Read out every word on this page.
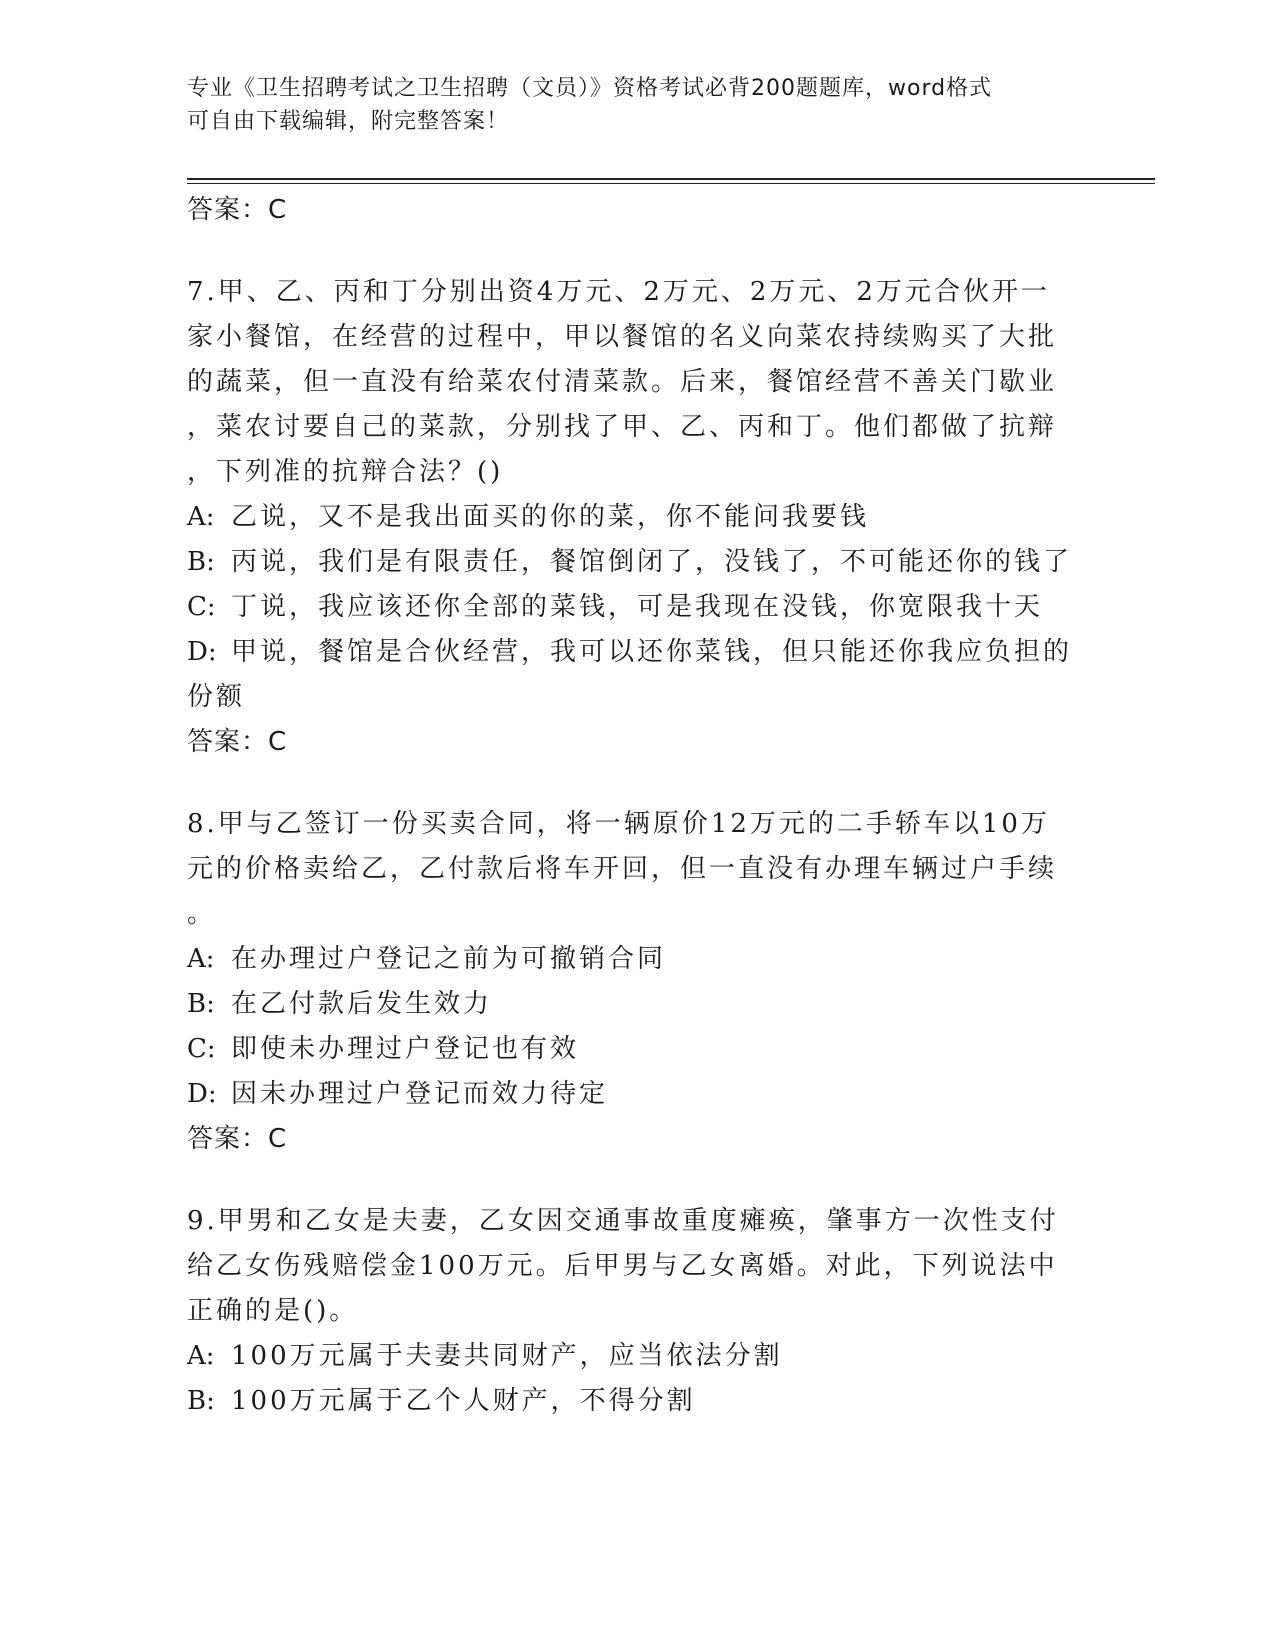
专业《卫生招聘考试之卫生招聘（文员）》资格考试必背200题题库，word格式
可自由下载编辑，附完整答案！

答案：C

7.甲、乙、丙和丁分别出资4万元、2万元、2万元、2万元合伙开一

家小餐馆，在经营的过程中，甲以餐馆的名义向菜农持续购买了大批

的蔬菜，但一直没有给菜农付清菜款。后来，餐馆经营不善关门歇业

，菜农讨要自己的菜款，分别找了甲、乙、丙和丁。他们都做了抗辩

，下列准的抗辩合法？()

A: 乙说，又不是我出面买的你的菜，你不能问我要钱

B: 丙说，我们是有限责任，餐馆倒闭了，没钱了，不可能还你的钱了

C: 丁说，我应该还你全部的菜钱，可是我现在没钱，你宽限我十天

D: 甲说，餐馆是合伙经营，我可以还你菜钱，但只能还你我应负担的

份额

答案：C

8.甲与乙签订一份买卖合同，将一辆原价12万元的二手轿车以10万

元的价格卖给乙，乙付款后将车开回，但一直没有办理车辆过户手续

。

A: 在办理过户登记之前为可撤销合同

B: 在乙付款后发生效力

C: 即使未办理过户登记也有效

D: 因未办理过户登记而效力待定

答案：C

9.甲男和乙女是夫妻，乙女因交通事故重度瘫痪，肇事方一次性支付

给乙女伤残赔偿金100万元。后甲男与乙女离婚。对此，下列说法中

正确的是()。

A: 100万元属于夫妻共同财产，应当依法分割

B: 100万元属于乙个人财产，不得分割
